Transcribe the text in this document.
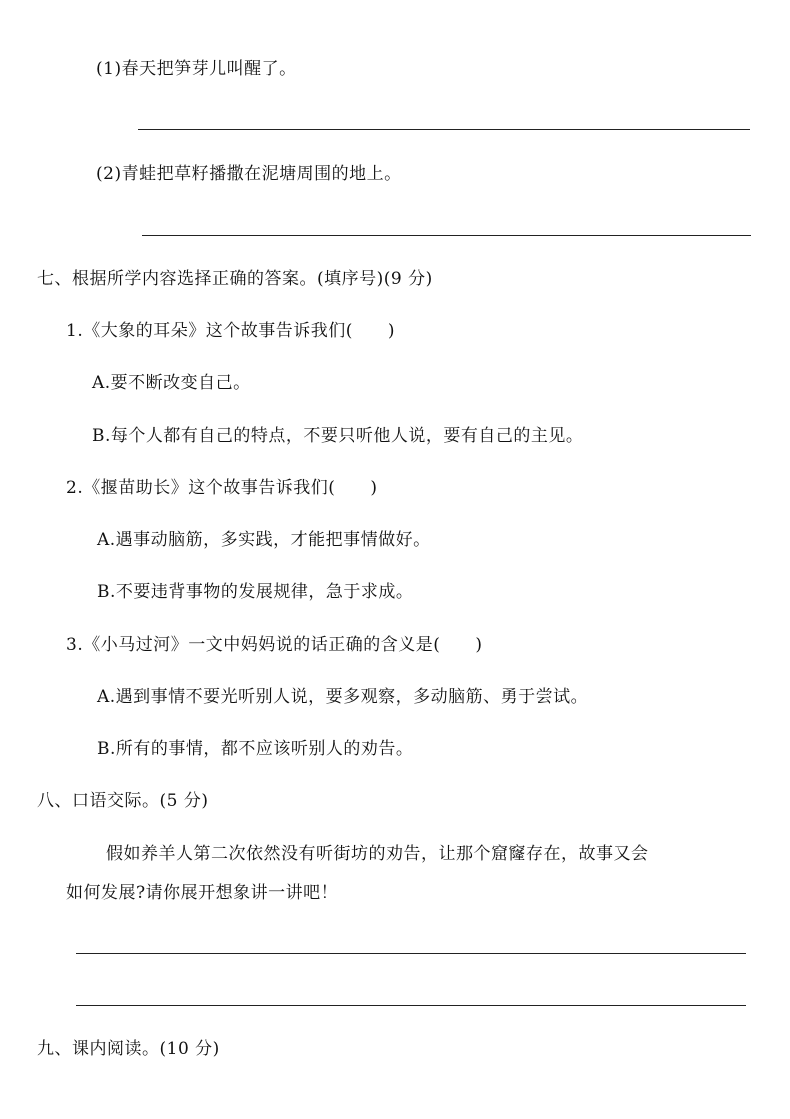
(1)春天把笋芽儿叫醒了。
(2)青蛙把草籽播撒在泥塘周围的地上。
七、根据所学内容选择正确的答案。(填序号)(9 分)
1.《大象的耳朵》这个故事告诉我们(　　)
A.要不断改变自己。
B.每个人都有自己的特点，不要只听他人说，要有自己的主见。
2.《揠苗助长》这个故事告诉我们(　　)
A.遇事动脑筋，多实践，才能把事情做好。
B.不要违背事物的发展规律，急于求成。
3.《小马过河》一文中妈妈说的话正确的含义是(　　)
A.遇到事情不要光听别人说，要多观察，多动脑筋、勇于尝试。
B.所有的事情，都不应该听别人的劝告。
八、口语交际。(5 分)
假如养羊人第二次依然没有听街坊的劝告，让那个窟窿存在，故事又会
如何发展?请你展开想象讲一讲吧！
九、课内阅读。(10 分)
